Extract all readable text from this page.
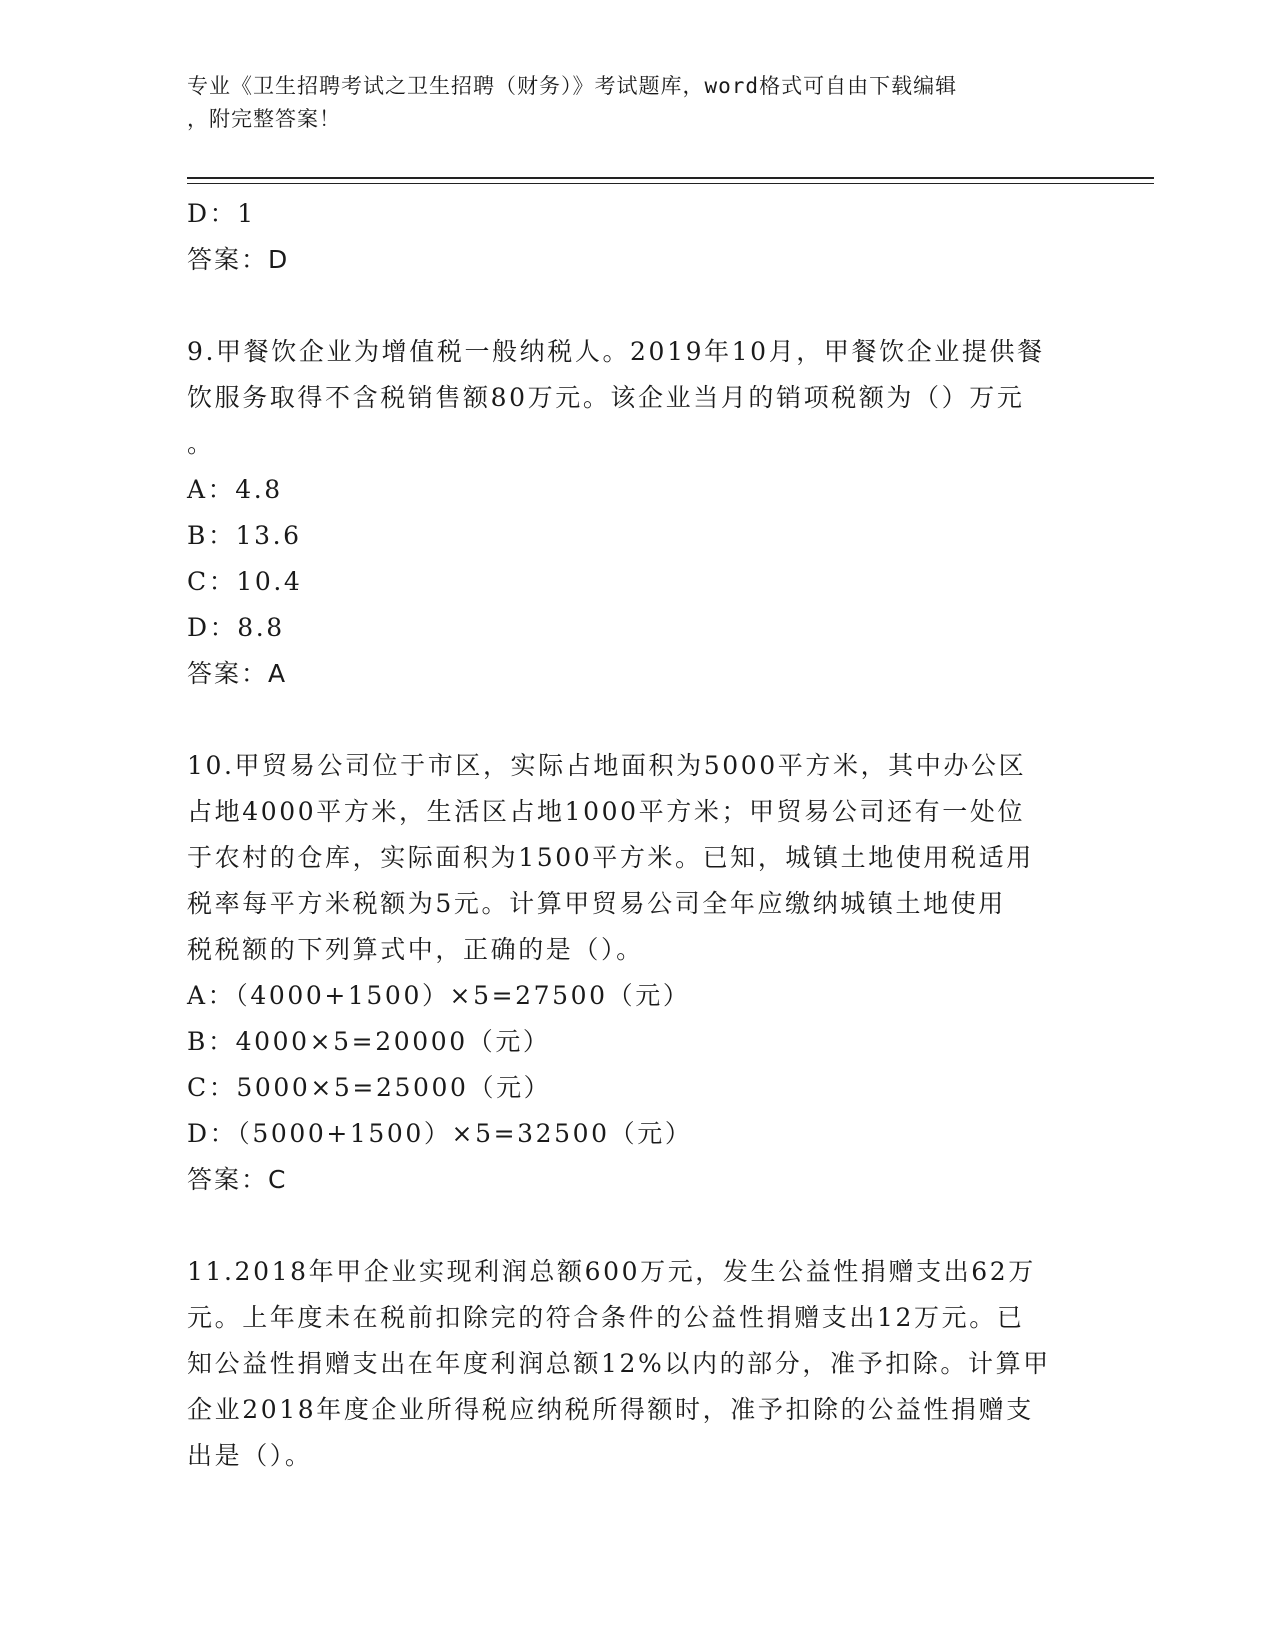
专业《卫生招聘考试之卫生招聘（财务）》考试题库，word格式可自由下载编辑
，附完整答案！
D：1
答案：D
9.甲餐饮企业为增值税一般纳税人。2019年10月，甲餐饮企业提供餐
饮服务取得不含税销售额80万元。该企业当月的销项税额为（）万元
。
A：4.8
B：13.6
C：10.4
D：8.8
答案：A
10.甲贸易公司位于市区，实际占地面积为5000平方米，其中办公区
占地4000平方米，生活区占地1000平方米；甲贸易公司还有一处位
于农村的仓库，实际面积为1500平方米。已知，城镇土地使用税适用
税率每平方米税额为5元。计算甲贸易公司全年应缴纳城镇土地使用
税税额的下列算式中，正确的是（）。
A：（4000+1500）×5=27500（元）
B：4000×5=20000（元）
C：5000×5=25000（元）
D：（5000+1500）×5=32500（元）
答案：C
11.2018年甲企业实现利润总额600万元，发生公益性捐赠支出62万
元。上年度未在税前扣除完的符合条件的公益性捐赠支出12万元。已
知公益性捐赠支出在年度利润总额12%以内的部分，准予扣除。计算甲
企业2018年度企业所得税应纳税所得额时，准予扣除的公益性捐赠支
出是（）。
